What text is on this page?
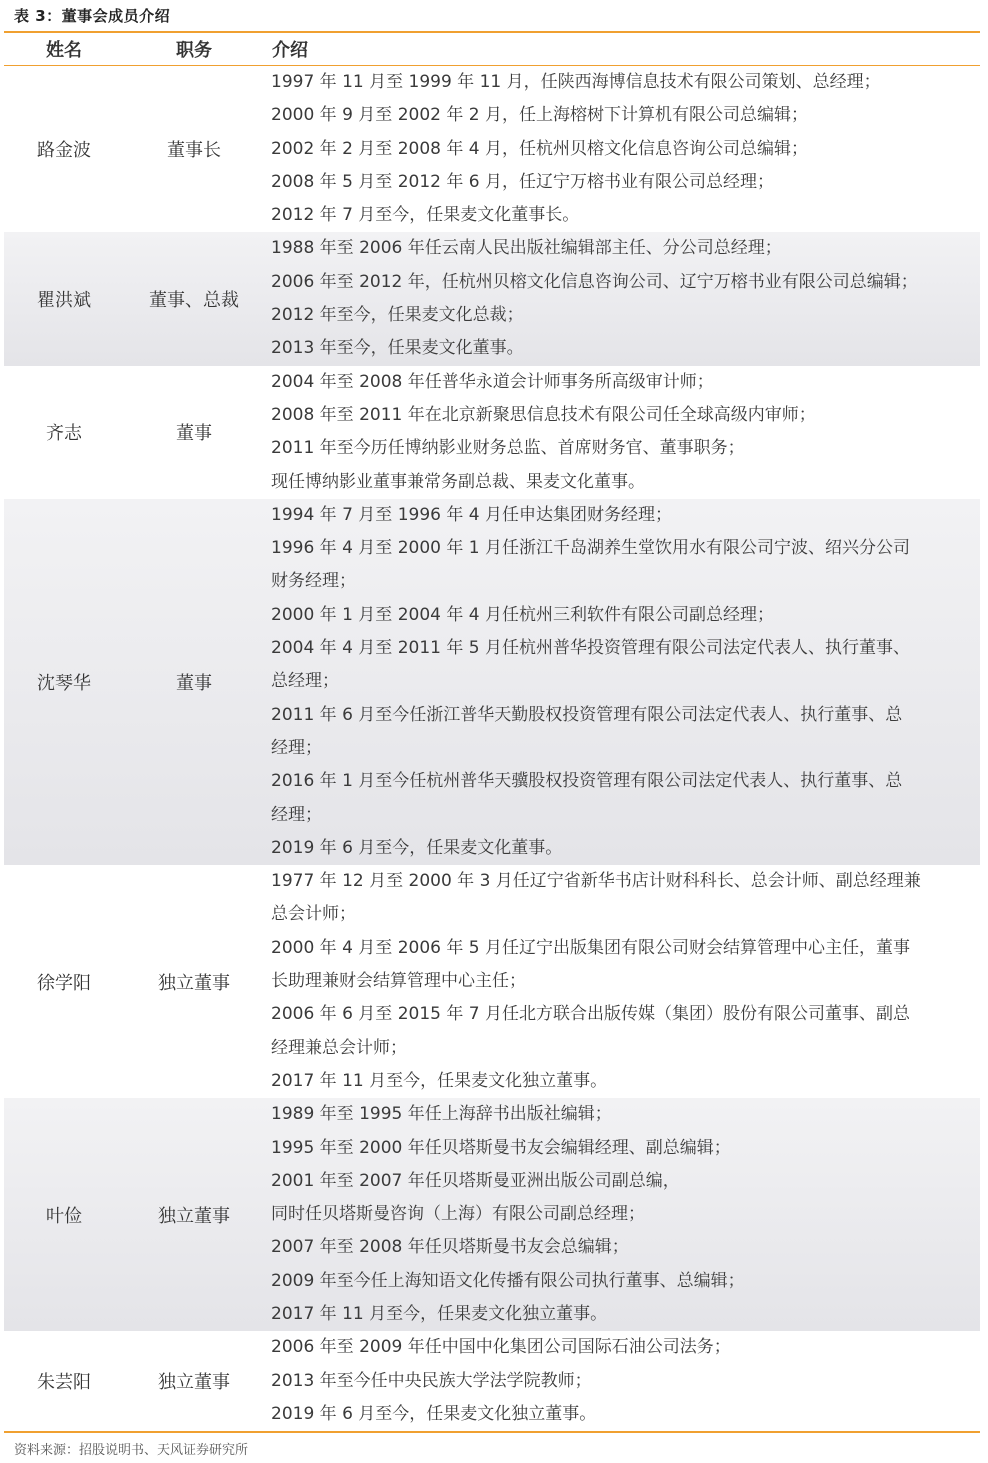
表 3：董事会成员介绍
姓名	职务	介绍
路金波	董事长
1997 年 11 月至 1999 年 11 月，任陕西海博信息技术有限公司策划、总经理；
2000 年 9 月至 2002 年 2 月，任上海榕树下计算机有限公司总编辑；
2002 年 2 月至 2008 年 4 月，任杭州贝榕文化信息咨询公司总编辑；
2008 年 5 月至 2012 年 6 月，任辽宁万榕书业有限公司总经理；
2012 年 7 月至今，任果麦文化董事长。
瞿洪斌	董事、总裁
1988 年至 2006 年任云南人民出版社编辑部主任、分公司总经理；
2006 年至 2012 年，任杭州贝榕文化信息咨询公司、辽宁万榕书业有限公司总编辑；
2012 年至今，任果麦文化总裁；
2013 年至今，任果麦文化董事。
齐志	董事
2004 年至 2008 年任普华永道会计师事务所高级审计师；
2008 年至 2011 年在北京新聚思信息技术有限公司任全球高级内审师；
2011 年至今历任博纳影业财务总监、首席财务官、董事职务；
现任博纳影业董事兼常务副总裁、果麦文化董事。
沈琴华	董事
1994 年 7 月至 1996 年 4 月任申达集团财务经理；
1996 年 4 月至 2000 年 1 月任浙江千岛湖养生堂饮用水有限公司宁波、绍兴分公司
财务经理；
2000 年 1 月至 2004 年 4 月任杭州三利软件有限公司副总经理；
2004 年 4 月至 2011 年 5 月任杭州普华投资管理有限公司法定代表人、执行董事、
总经理；
2011 年 6 月至今任浙江普华天勤股权投资管理有限公司法定代表人、执行董事、总
经理；
2016 年 1 月至今任杭州普华天骥股权投资管理有限公司法定代表人、执行董事、总
经理；
2019 年 6 月至今，任果麦文化董事。
徐学阳	独立董事
1977 年 12 月至 2000 年 3 月任辽宁省新华书店计财科科长、总会计师、副总经理兼
总会计师；
2000 年 4 月至 2006 年 5 月任辽宁出版集团有限公司财会结算管理中心主任，董事
长助理兼财会结算管理中心主任；
2006 年 6 月至 2015 年 7 月任北方联合出版传媒（集团）股份有限公司董事、副总
经理兼总会计师；
2017 年 11 月至今，任果麦文化独立董事。
叶俭	独立董事
1989 年至 1995 年任上海辞书出版社编辑；
1995 年至 2000 年任贝塔斯曼书友会编辑经理、副总编辑；
2001 年至 2007 年任贝塔斯曼亚洲出版公司副总编，
同时任贝塔斯曼咨询（上海）有限公司副总经理；
2007 年至 2008 年任贝塔斯曼书友会总编辑；
2009 年至今任上海知语文化传播有限公司执行董事、总编辑；
2017 年 11 月至今，任果麦文化独立董事。
朱芸阳	独立董事
2006 年至 2009 年任中国中化集团公司国际石油公司法务；
2013 年至今任中央民族大学法学院教师；
2019 年 6 月至今，任果麦文化独立董事。
资料来源：招股说明书、天风证券研究所
